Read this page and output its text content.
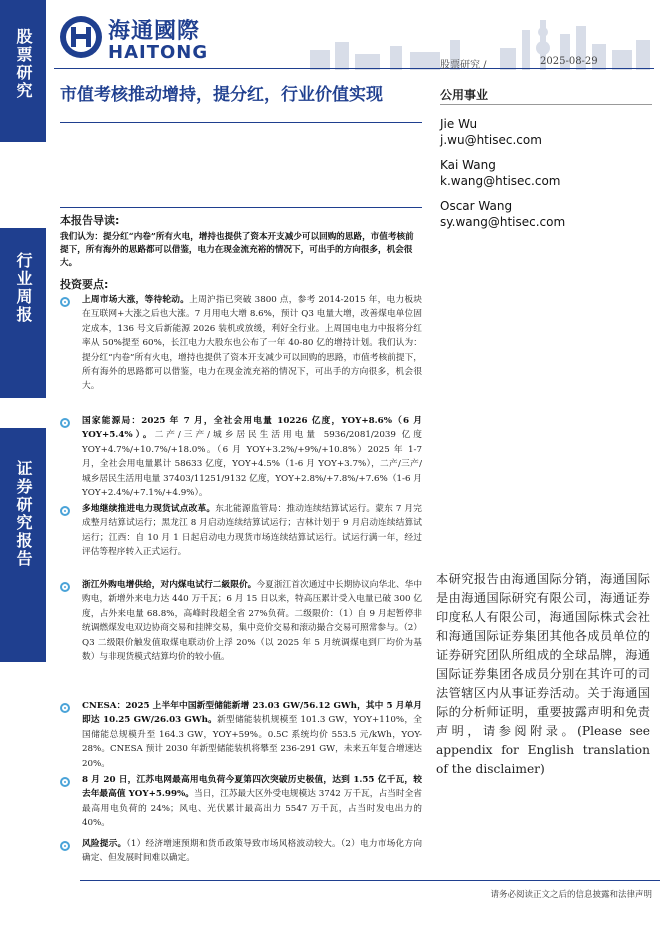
股票研究
行业周报
证券研究报告
海通國際
HAITONG
股票研究 /	2025-08-29
市值考核推动增持，提分红，行业价值实现	公用事业
Jie Wu
j.wu@htisec.com
Kai Wang
k.wang@htisec.com
Oscar Wang
sy.wang@htisec.com
本报告导读:
我们认为：提分红“内卷”所有火电，增持也提供了资本开支减少可以回购的思路，市值考核前提下，所有海外的思路都可以借鉴，电力在现金流充裕的情况下，可出手的方向很多，机会很大。
投资要点:
上周市场大涨，等待轮动。上周沪指已突破 3800 点，参考 2014-2015 年，电力板块在互联网+大涨之后也大涨。7 月用电大增 8.6%，预计 Q3 电量大增，改善煤电单位固定成本，136 号文后新能源 2026 装机或放缓，利好全行业。上周国电电力中报将分红率从 50%提至 60%，长江电力大股东也公布了一年 40-80 亿的增持计划。我们认为：提分红“内卷”所有火电，增持也提供了资本开支减少可以回购的思路，市值考核前提下，所有海外的思路都可以借鉴，电力在现金流充裕的情况下，可出手的方向很多，机会很大。
国家能源局：2025 年 7 月，全社会用电量 10226 亿度，YOY+8.6%（6 月 YOY+5.4%）。二产/三产/城乡居民生活用电量 5936/2081/2039 亿度 YOY+4.7%/+10.7%/+18.0%。（6 月 YOY+3.2%/+9%/+10.8%）2025 年 1-7 月，全社会用电量累计 58633 亿度，YOY+4.5%（1-6 月 YOY+3.7%），二产/三产/城乡居民生活用电量 37403/11251/9132 亿度，YOY+2.8%/+7.8%/+7.6%（1-6 月 YOY+2.4%/+7.1%/+4.9%）。
多地继续推进电力现货试点改革。东北能源监管局：推动连续结算试运行。蒙东 7 月完成整月结算试运行；黑龙江 8 月启动连续结算试运行；吉林计划于 9 月启动连续结算试运行；江西：自 10 月 1 日起启动电力现货市场连续结算试运行。试运行满一年，经过评估等程序转入正式运行。
浙江外购电增供给，对内煤电试行二級限价。今夏浙江首次通过中长期协议向华北、华中购电，新增外来电力达 440 万千瓦；6 月 15 日以来，特高压累计受入电量已破 300 亿度，占外来电量 68.8%，高峰时段超全省 27%负荷。二级限价：（1）自 9 月起暂停非统调燃煤发电双边协商交易和挂牌交易，集中竞价交易和滚动撮合交易可照常参与。（2）Q3 二级限价触发值取煤电联动价上浮 20%（以 2025 年 5 月统调煤电到厂均价为基数）与非现货模式结算均价的较小值。
CNESA：2025 上半年中国新型储能新增 23.03 GW/56.12 GWh，其中 5 月单月即达 10.25 GW/26.03 GWh。新型储能装机规模至 101.3 GW，YOY+110%，全国储能总规模升至 164.3 GW，YOY+59%。0.5C 系统均价 553.5 元/kWh，YOY-28%。CNESA 预计 2030 年新型储能装机将攀至 236-291 GW，未来五年复合增速达 20%。
8 月 20 日，江苏电网最高用电负荷今夏第四次突破历史极值，达到 1.55 亿千瓦，较去年最高值 YOY+5.99%。当日，江苏最大区外受电规模达 3742 万千瓦，占当时全省最高用电负荷的 24%；风电、光伏累计最高出力 5547 万千瓦，占当时发电出力的 40%。
风险提示。（1）经济增速预期和货币政策导致市场风格波动较大。（2）电力市场化方向确定、但发展时间难以确定。
本研究报告由海通国际分销，海通国际是由海通国际研究有限公司，海通证券印度私人有限公司，海通国际株式会社和海通国际证券集团其他各成员单位的证券研究团队所组成的全球品牌，海通国际证券集团各成员分别在其许可的司法管辖区内从事证券活动。关于海通国际的分析师证明，重要披露声明和免责声明，请参阅附录。(Please see appendix for English translation of the disclaimer)
请务必阅读正文之后的信息披露和法律声明
